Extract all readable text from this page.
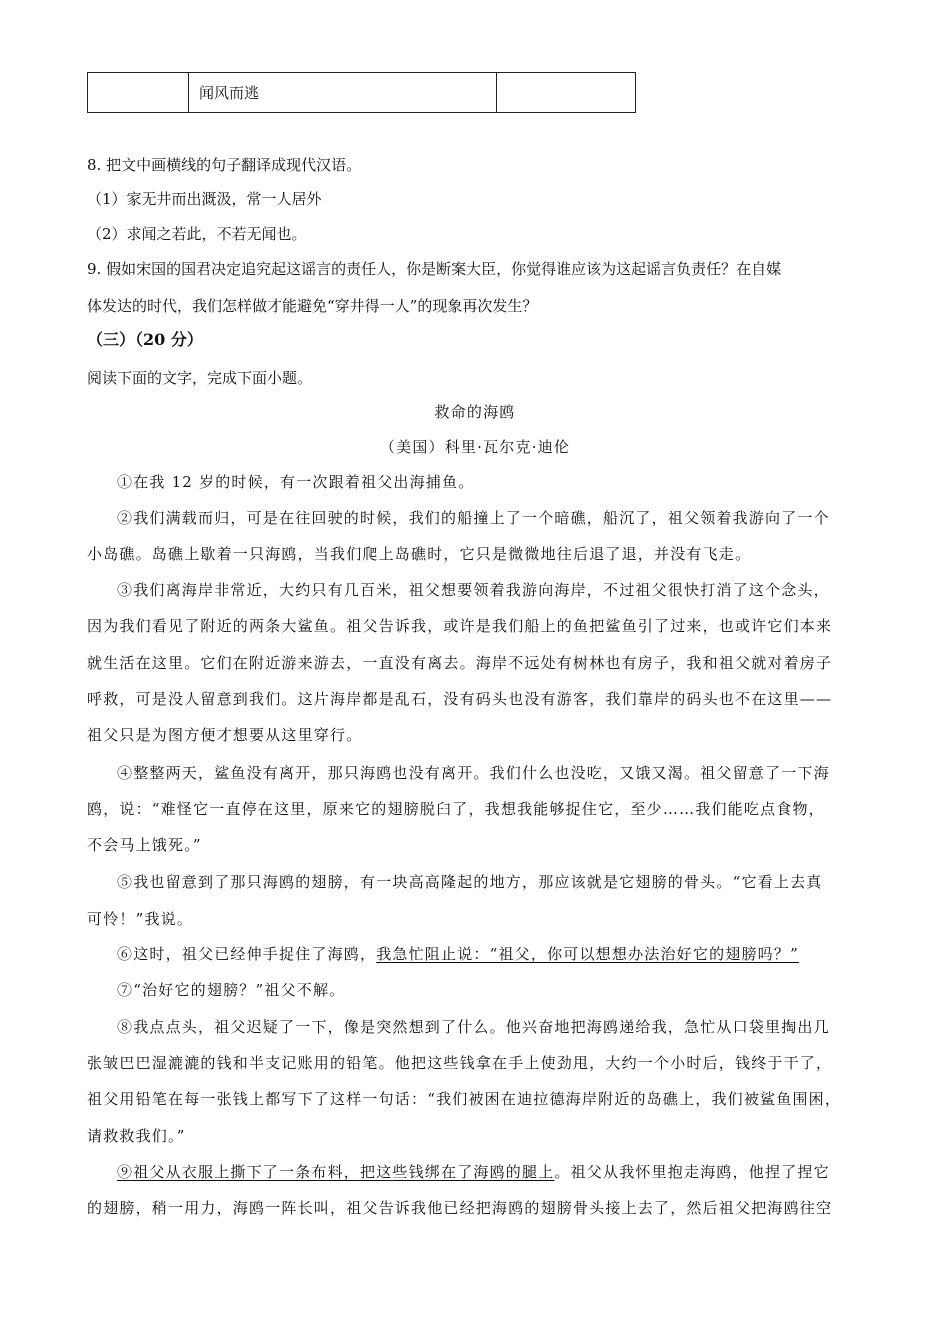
	闻风而逃	
8. 把文中画横线的句子翻译成现代汉语。
（1）家无井而出溉汲，常一人居外
（2）求闻之若此，不若无闻也。
9. 假如宋国的国君决定追究起这谣言的责任人，你是断案大臣，你觉得谁应该为这起谣言负责任？在自媒
体发达的时代，我们怎样做才能避免“穿井得一人”的现象再次发生？
（三）（20 分）
阅读下面的文字，完成下面小题。
救命的海鸥
（美国）科里·瓦尔克·迪伦
①在我 12 岁的时候，有一次跟着祖父出海捕鱼。
②我们满载而归，可是在往回驶的时候，我们的船撞上了一个暗礁，船沉了，祖父领着我游向了一个
小岛礁。岛礁上歇着一只海鸥，当我们爬上岛礁时，它只是微微地往后退了退，并没有飞走。
③我们离海岸非常近，大约只有几百米，祖父想要领着我游向海岸，不过祖父很快打消了这个念头，
因为我们看见了附近的两条大鲨鱼。祖父告诉我，或许是我们船上的鱼把鲨鱼引了过来，也或许它们本来
就生活在这里。它们在附近游来游去，一直没有离去。海岸不远处有树林也有房子，我和祖父就对着房子
呼救，可是没人留意到我们。这片海岸都是乱石，没有码头也没有游客，我们靠岸的码头也不在这里——
祖父只是为图方便才想要从这里穿行。
④整整两天，鲨鱼没有离开，那只海鸥也没有离开。我们什么也没吃，又饿又渴。祖父留意了一下海
鸥，说：“难怪它一直停在这里，原来它的翅膀脱臼了，我想我能够捉住它，至少……我们能吃点食物，
不会马上饿死。”
⑤我也留意到了那只海鸥的翅膀，有一块高高隆起的地方，那应该就是它翅膀的骨头。“它看上去真
可怜！”我说。
⑥这时，祖父已经伸手捉住了海鸥，我急忙阻止说：“祖父，你可以想想办法治好它的翅膀吗？”
⑦“治好它的翅膀？”祖父不解。
⑧我点点头，祖父迟疑了一下，像是突然想到了什么。他兴奋地把海鸥递给我，急忙从口袋里掏出几
张皱巴巴湿漉漉的钱和半支记账用的铅笔。他把这些钱拿在手上使劲甩，大约一个小时后，钱终于干了，
祖父用铅笔在每一张钱上都写下了这样一句话：“我们被困在迪拉德海岸附近的岛礁上，我们被鲨鱼围困，
请救救我们。”
⑨祖父从衣服上撕下了一条布料，把这些钱绑在了海鸥的腿上。祖父从我怀里抱走海鸥，他捏了捏它
的翅膀，稍一用力，海鸥一阵长叫，祖父告诉我他已经把海鸥的翅膀骨头接上去了，然后祖父把海鸥往空
